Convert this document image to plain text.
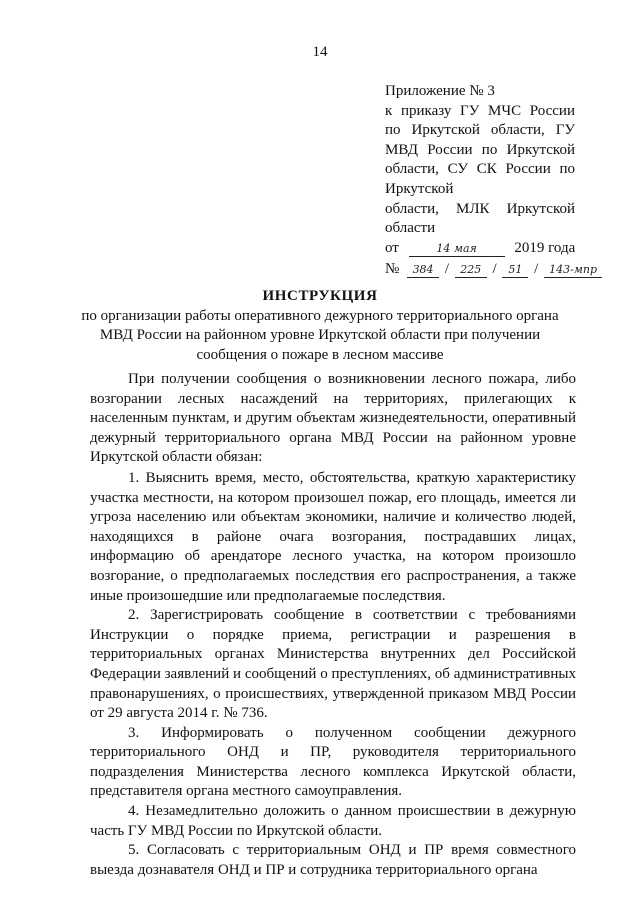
14
Приложение № 3
к приказу ГУ МЧС России
по Иркутской области, ГУ
МВД России по Иркутской
области, СУ СК России по
Иркутской
области, МЛК Иркутской
области
от	14 мая	2019 года
№ 384 / 225 / 51 / 143-мпр
ИНСТРУКЦИЯ
по организации работы оперативного дежурного территориального органа
МВД России на районном уровне Иркутской области при получении
сообщения о пожаре в лесном массиве

При получении сообщения о возникновении лесного пожара, либо возгорании лесных насаждений на территориях, прилегающих к населенным пунктам, и другим объектам жизнедеятельности, оперативный дежурный территориального органа МВД России на районном уровне Иркутской области обязан:

1. Выяснить время, место, обстоятельства, краткую характеристику участка местности, на котором произошел пожар, его площадь, имеется ли угроза населению или объектам экономики, наличие и количество людей, находящихся в районе очага возгорания, пострадавших лицах, информацию об арендаторе лесного участка, на котором произошло возгорание, о предполагаемых последствия его распространения, а также иные произошедшие или предполагаемые последствия.

2. Зарегистрировать сообщение в соответствии с требованиями Инструкции о порядке приема, регистрации и разрешения в территориальных органах Министерства внутренних дел Российской Федерации заявлений и сообщений о преступлениях, об административных правонарушениях, о происшествиях, утвержденной приказом МВД России от 29 августа 2014 г. № 736.

3. Информировать о полученном сообщении дежурного территориального ОНД и ПР, руководителя территориального подразделения Министерства лесного комплекса Иркутской области, представителя органа местного самоуправления.

4. Незамедлительно доложить о данном происшествии в дежурную часть ГУ МВД России по Иркутской области.

5. Согласовать с территориальным ОНД и ПР время совместного выезда дознавателя ОНД и ПР и сотрудника территориального органа
